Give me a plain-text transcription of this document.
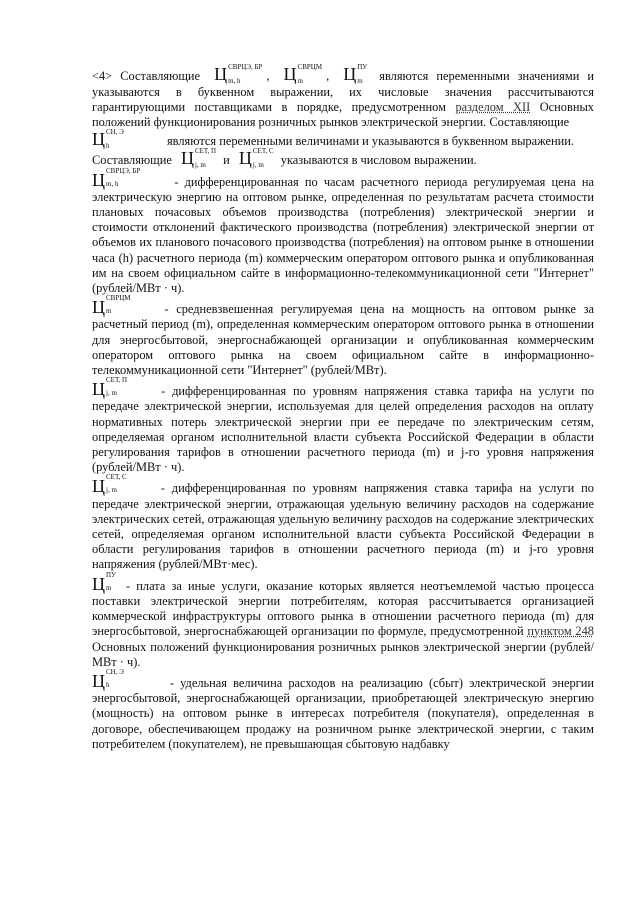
<4> Составляющие Ц СВРЦЭ, БР
m, h	, Ц СВРЦМ
m	, Ц ПУ
m	являются переменными значениями и указываются в буквенном выражении, их числовые значения рассчитываются гарантирующими поставщиками в порядке, предусмотренном разделом XII Основных положений функционирования розничных рынков электрической энергии. Составляющие

Ц СН, Э
h	являются переменными величинами и указываются в буквенном выражении.
Составляющие Ц СЕТ, П
j, m	и Ц СЕТ, С
j, m	указываются в числовом выражении.

Ц СВРЦЭ, БР
m, h	- дифференцированная по часам расчетного периода регулируемая цена на электрическую энергию на оптовом рынке, определенная по результатам расчета стоимости плановых почасовых объемов производства (потребления) электрической энергии и стоимости отклонений фактического производства (потребления) электрической энергии от объемов их планового почасового производства (потребления) на оптовом рынке в отношении часа (h) расчетного периода (m) коммерческим оператором оптового рынка и опубликованная им на своем официальном сайте в информационно-телекоммуникационной сети "Интернет" (рублей/МВт · ч).

Ц СВРЦМ
m	- средневзвешенная регулируемая цена на мощность на оптовом рынке за расчетный период (m), определенная коммерческим оператором оптового рынка в отношении для энергосбытовой, энергоснабжающей организации и опубликованная коммерческим оператором оптового рынка на своем официальном сайте в информационно-телекоммуникационной сети "Интернет" (рублей/МВт).

Ц СЕТ, П
j, m	- дифференцированная по уровням напряжения ставка тарифа на услуги по передаче электрической энергии, используемая для целей определения расходов на оплату нормативных потерь электрической энергии при ее передаче по электрическим сетям, определяемая органом исполнительной власти субъекта Российской Федерации в области регулирования тарифов в отношении расчетного периода (m) и j-го уровня напряжения (рублей/МВт · ч).

Ц СЕТ, С
j, m	- дифференцированная по уровням напряжения ставка тарифа на услуги по передаче электрической энергии, отражающая удельную величину расходов на содержание электрических сетей, отражающая удельную величину расходов на содержание электрических сетей, определяемая органом исполнительной власти субъекта Российской Федерации в области регулирования тарифов в отношении расчетного периода (m) и j-го уровня напряжения (рублей/МВт·мес).

Ц ПУ
m	- плата за иные услуги, оказание которых является неотъемлемой частью процесса поставки электрической энергии потребителям, которая рассчитывается организацией коммерческой инфраструктуры оптового рынка в отношении расчетного периода (m) для энергосбытовой, энергоснабжающей организации по формуле, предусмотренной пунктом 248 Основных положений функционирования розничных рынков электрической энергии (рублей/МВт · ч).

Ц СН, Э
h	- удельная величина расходов на реализацию (сбыт) электрической энергии энергосбытовой, энергоснабжающей организации, приобретающей электрическую энергию (мощность) на оптовом рынке в интересах потребителя (покупателя), определенная в договоре, обеспечивающем продажу на розничном рынке электрической энергии, с таким потребителем (покупателем), не превышающая сбытовую надбавку
